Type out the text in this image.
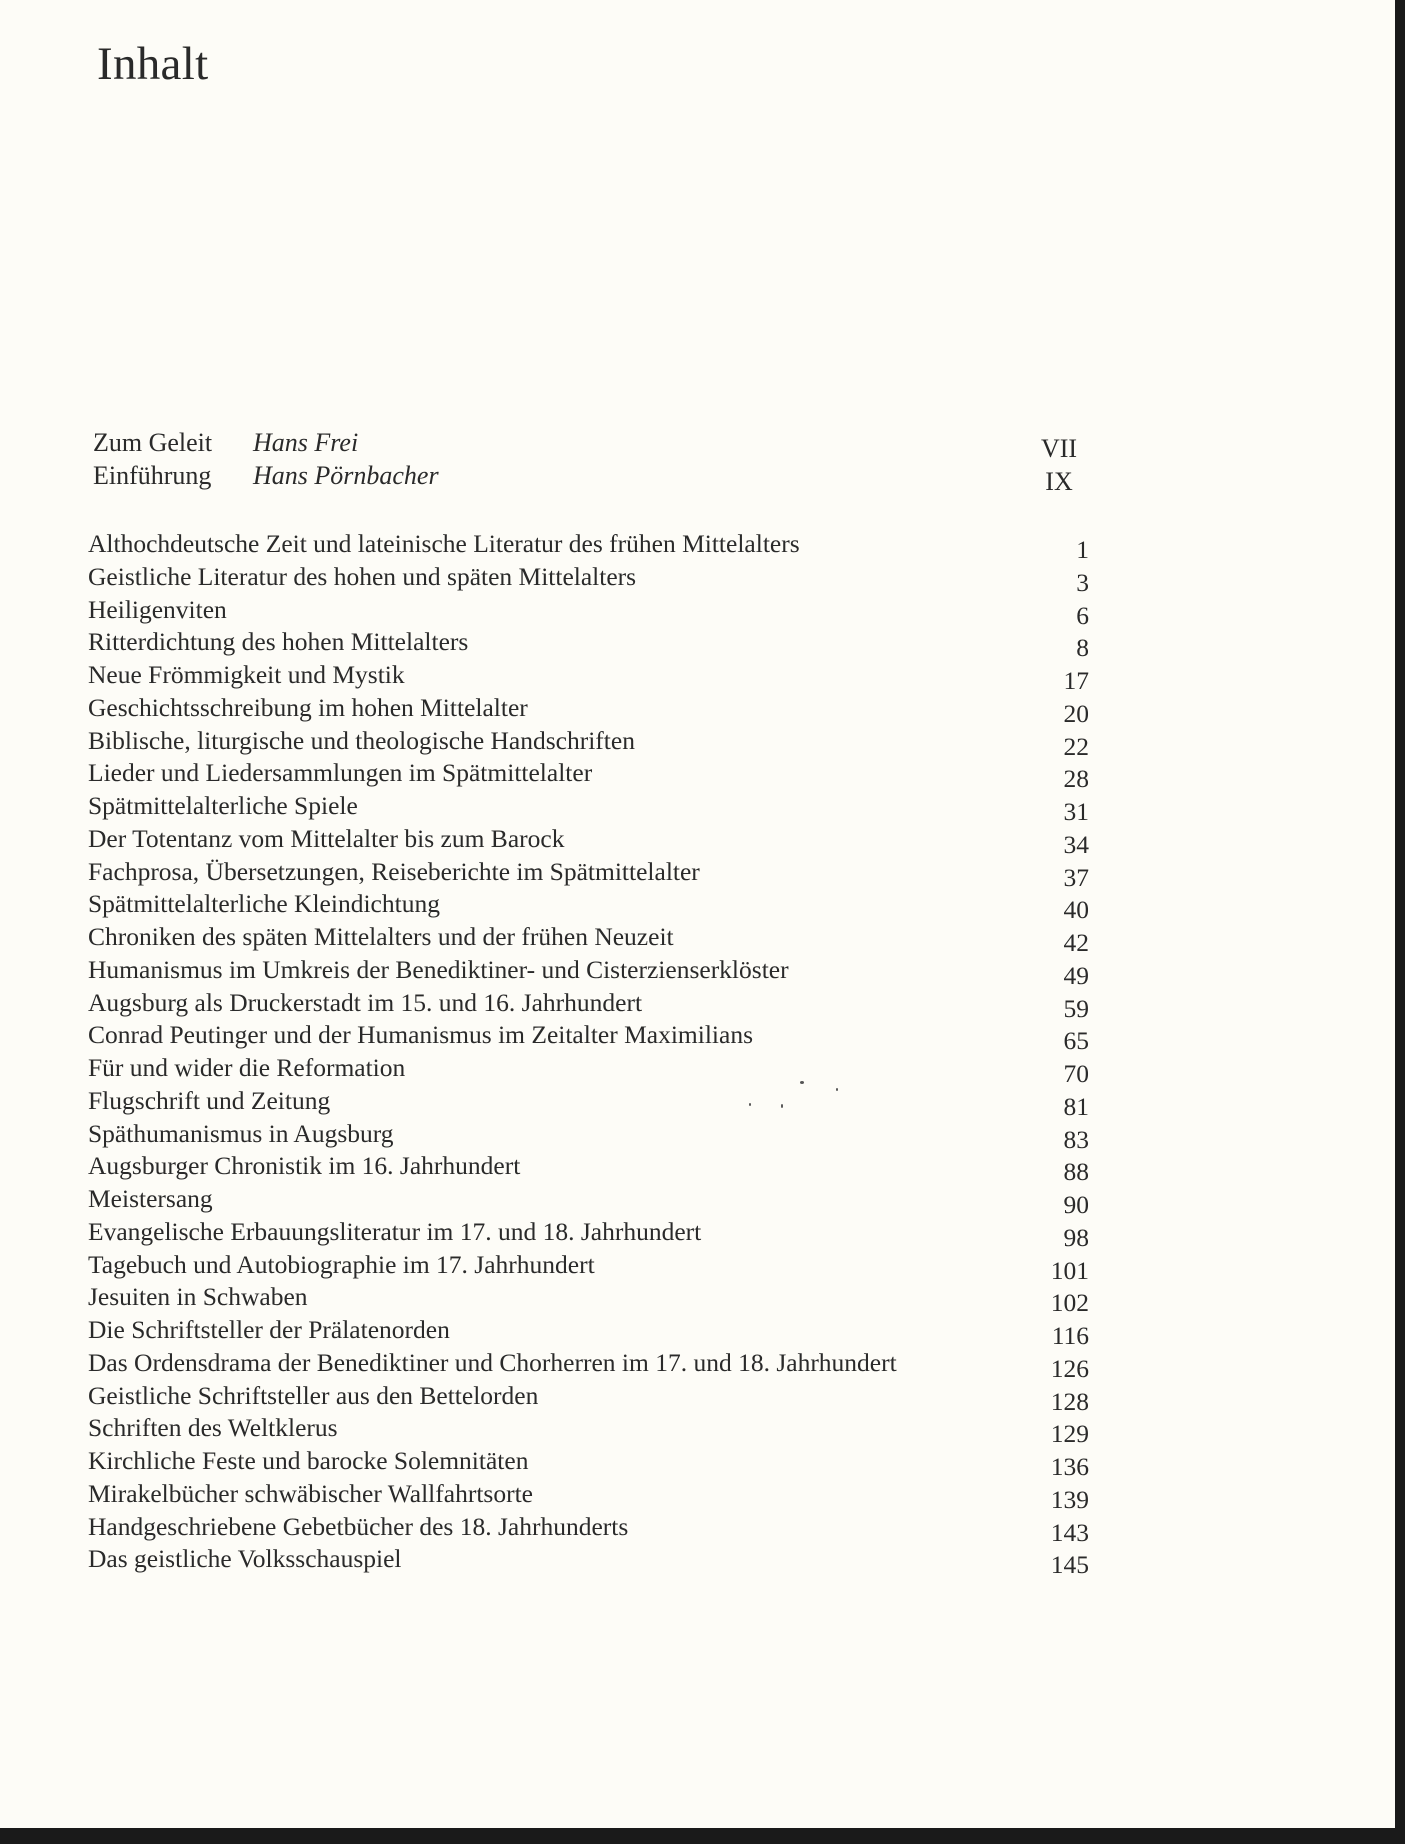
Inhalt
Zum Geleit Hans Frei	VII
Einführung Hans Pörnbacher	IX
Althochdeutsche Zeit und lateinische Literatur des frühen Mittelalters	1
Geistliche Literatur des hohen und späten Mittelalters	3
Heiligenviten	6
Ritterdichtung des hohen Mittelalters	8
Neue Frömmigkeit und Mystik	17
Geschichtsschreibung im hohen Mittelalter	20
Biblische, liturgische und theologische Handschriften	22
Lieder und Liedersammlungen im Spätmittelalter	28
Spätmittelalterliche Spiele	31
Der Totentanz vom Mittelalter bis zum Barock	34
Fachprosa, Übersetzungen, Reiseberichte im Spätmittelalter	37
Spätmittelalterliche Kleindichtung	40
Chroniken des späten Mittelalters und der frühen Neuzeit	42
Humanismus im Umkreis der Benediktiner- und Cisterzienserklöster	49
Augsburg als Druckerstadt im 15. und 16. Jahrhundert	59
Conrad Peutinger und der Humanismus im Zeitalter Maximilians	65
Für und wider die Reformation	70
Flugschrift und Zeitung	81
Späthumanismus in Augsburg	83
Augsburger Chronistik im 16. Jahrhundert	88
Meistersang	90
Evangelische Erbauungsliteratur im 17. und 18. Jahrhundert	98
Tagebuch und Autobiographie im 17. Jahrhundert	101
Jesuiten in Schwaben	102
Die Schriftsteller der Prälatenorden	116
Das Ordensdrama der Benediktiner und Chorherren im 17. und 18. Jahrhundert	126
Geistliche Schriftsteller aus den Bettelorden	128
Schriften des Weltklerus	129
Kirchliche Feste und barocke Solemnitäten	136
Mirakelbücher schwäbischer Wallfahrtsorte	139
Handgeschriebene Gebetbücher des 18. Jahrhunderts	143
Das geistliche Volksschauspiel	145
